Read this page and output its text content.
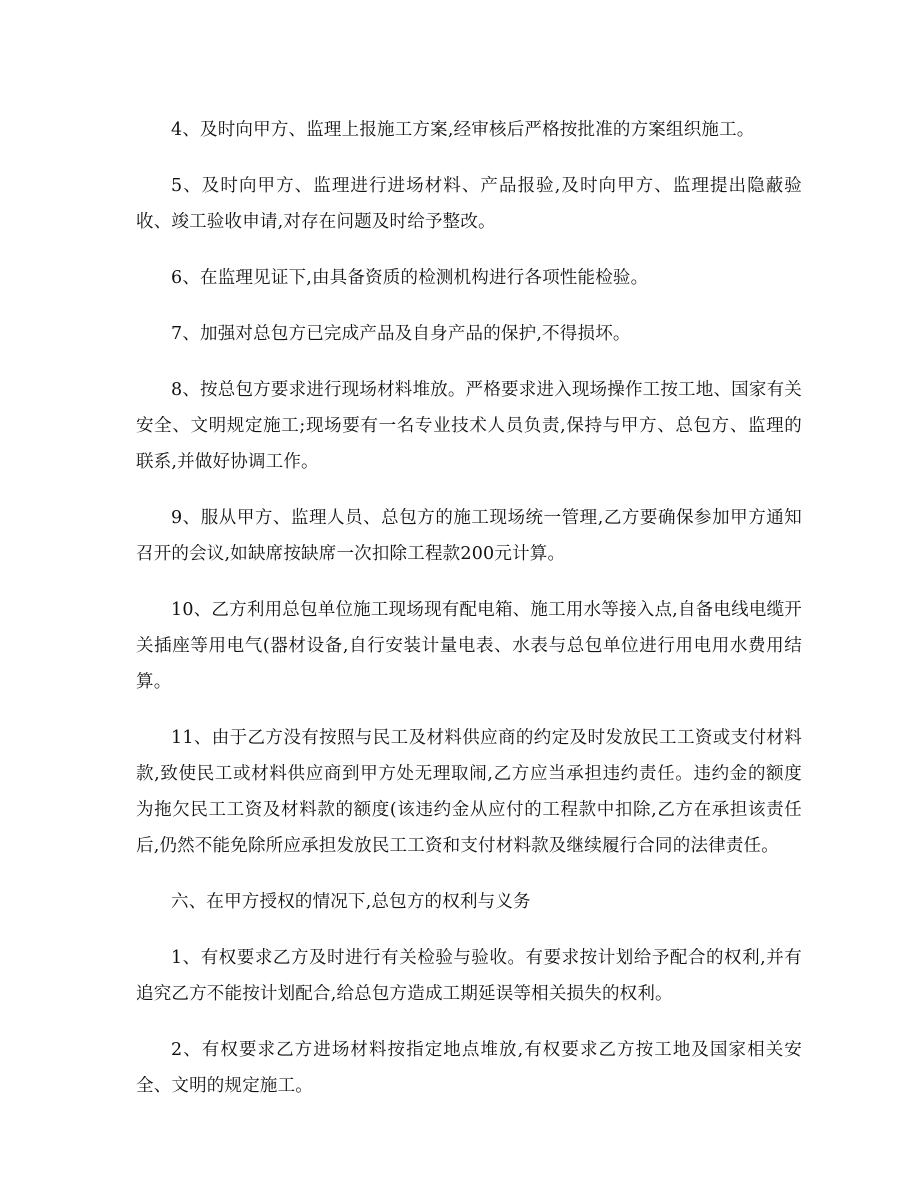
4、及时向甲方、监理上报施工方案,经审核后严格按批准的方案组织施工。

5、及时向甲方、监理进行进场材料、产品报验,及时向甲方、监理提出隐蔽验收、竣工验收申请,对存在问题及时给予整改。

6、在监理见证下,由具备资质的检测机构进行各项性能检验。

7、加强对总包方已完成产品及自身产品的保护,不得损坏。

8、按总包方要求进行现场材料堆放。严格要求进入现场操作工按工地、国家有关安全、文明规定施工;现场要有一名专业技术人员负责,保持与甲方、总包方、监理的联系,并做好协调工作。

9、服从甲方、监理人员、总包方的施工现场统一管理,乙方要确保参加甲方通知召开的会议,如缺席按缺席一次扣除工程款200元计算。

10、乙方利用总包单位施工现场现有配电箱、施工用水等接入点,自备电线电缆开关插座等用电气(器材设备,自行安装计量电表、水表与总包单位进行用电用水费用结算。

11、由于乙方没有按照与民工及材料供应商的约定及时发放民工工资或支付材料款,致使民工或材料供应商到甲方处无理取闹,乙方应当承担违约责任。违约金的额度为拖欠民工工资及材料款的额度(该违约金从应付的工程款中扣除,乙方在承担该责任后,仍然不能免除所应承担发放民工工资和支付材料款及继续履行合同的法律责任。

六、在甲方授权的情况下,总包方的权利与义务

1、有权要求乙方及时进行有关检验与验收。有要求按计划给予配合的权利,并有追究乙方不能按计划配合,给总包方造成工期延误等相关损失的权利。

2、有权要求乙方进场材料按指定地点堆放,有权要求乙方按工地及国家相关安全、文明的规定施工。
